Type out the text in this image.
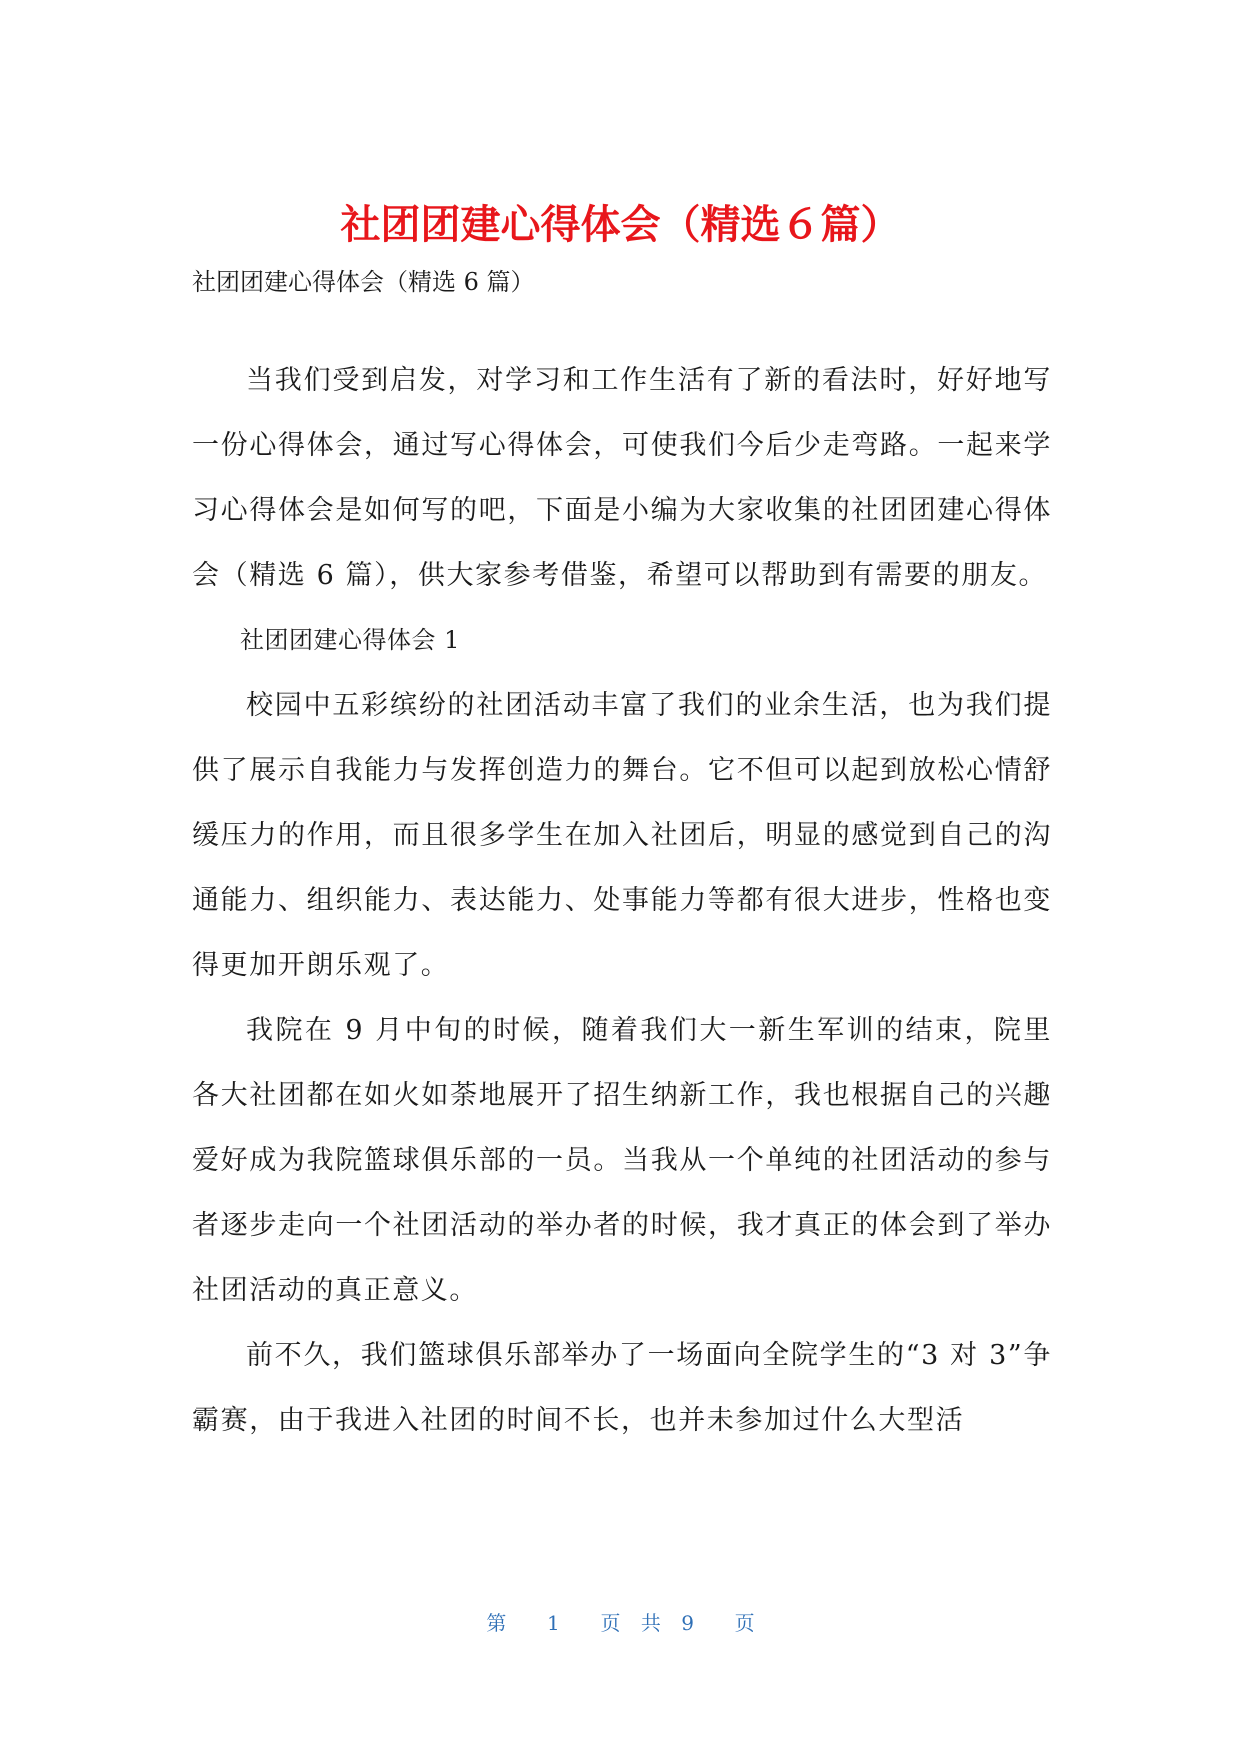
社团团建心得体会（精选６篇）
社团团建心得体会（精选 6 篇）

当我们受到启发，对学习和工作生活有了新的看法时，好好地写一份心得体会，通过写心得体会，可使我们今后少走弯路。一起来学习心得体会是如何写的吧，下面是小编为大家收集的社团团建心得体会（精选 6 篇），供大家参考借鉴，希望可以帮助到有需要的朋友。

社团团建心得体会 1

校园中五彩缤纷的社团活动丰富了我们的业余生活，也为我们提供了展示自我能力与发挥创造力的舞台。它不但可以起到放松心情舒缓压力的作用，而且很多学生在加入社团后，明显的感觉到自己的沟通能力、组织能力、表达能力、处事能力等都有很大进步，性格也变得更加开朗乐观了。

我院在 9 月中旬的时候，随着我们大一新生军训的结束，院里各大社团都在如火如荼地展开了招生纳新工作，我也根据自己的兴趣爱好成为我院篮球俱乐部的一员。当我从一个单纯的社团活动的参与者逐步走向一个社团活动的举办者的时候，我才真正的体会到了举办社团活动的真正意义。

前不久，我们篮球俱乐部举办了一场面向全院学生的“3 对 3”争霸赛，由于我进入社团的时间不长，也并未参加过什么大型活

第  1  页 共 9  页
